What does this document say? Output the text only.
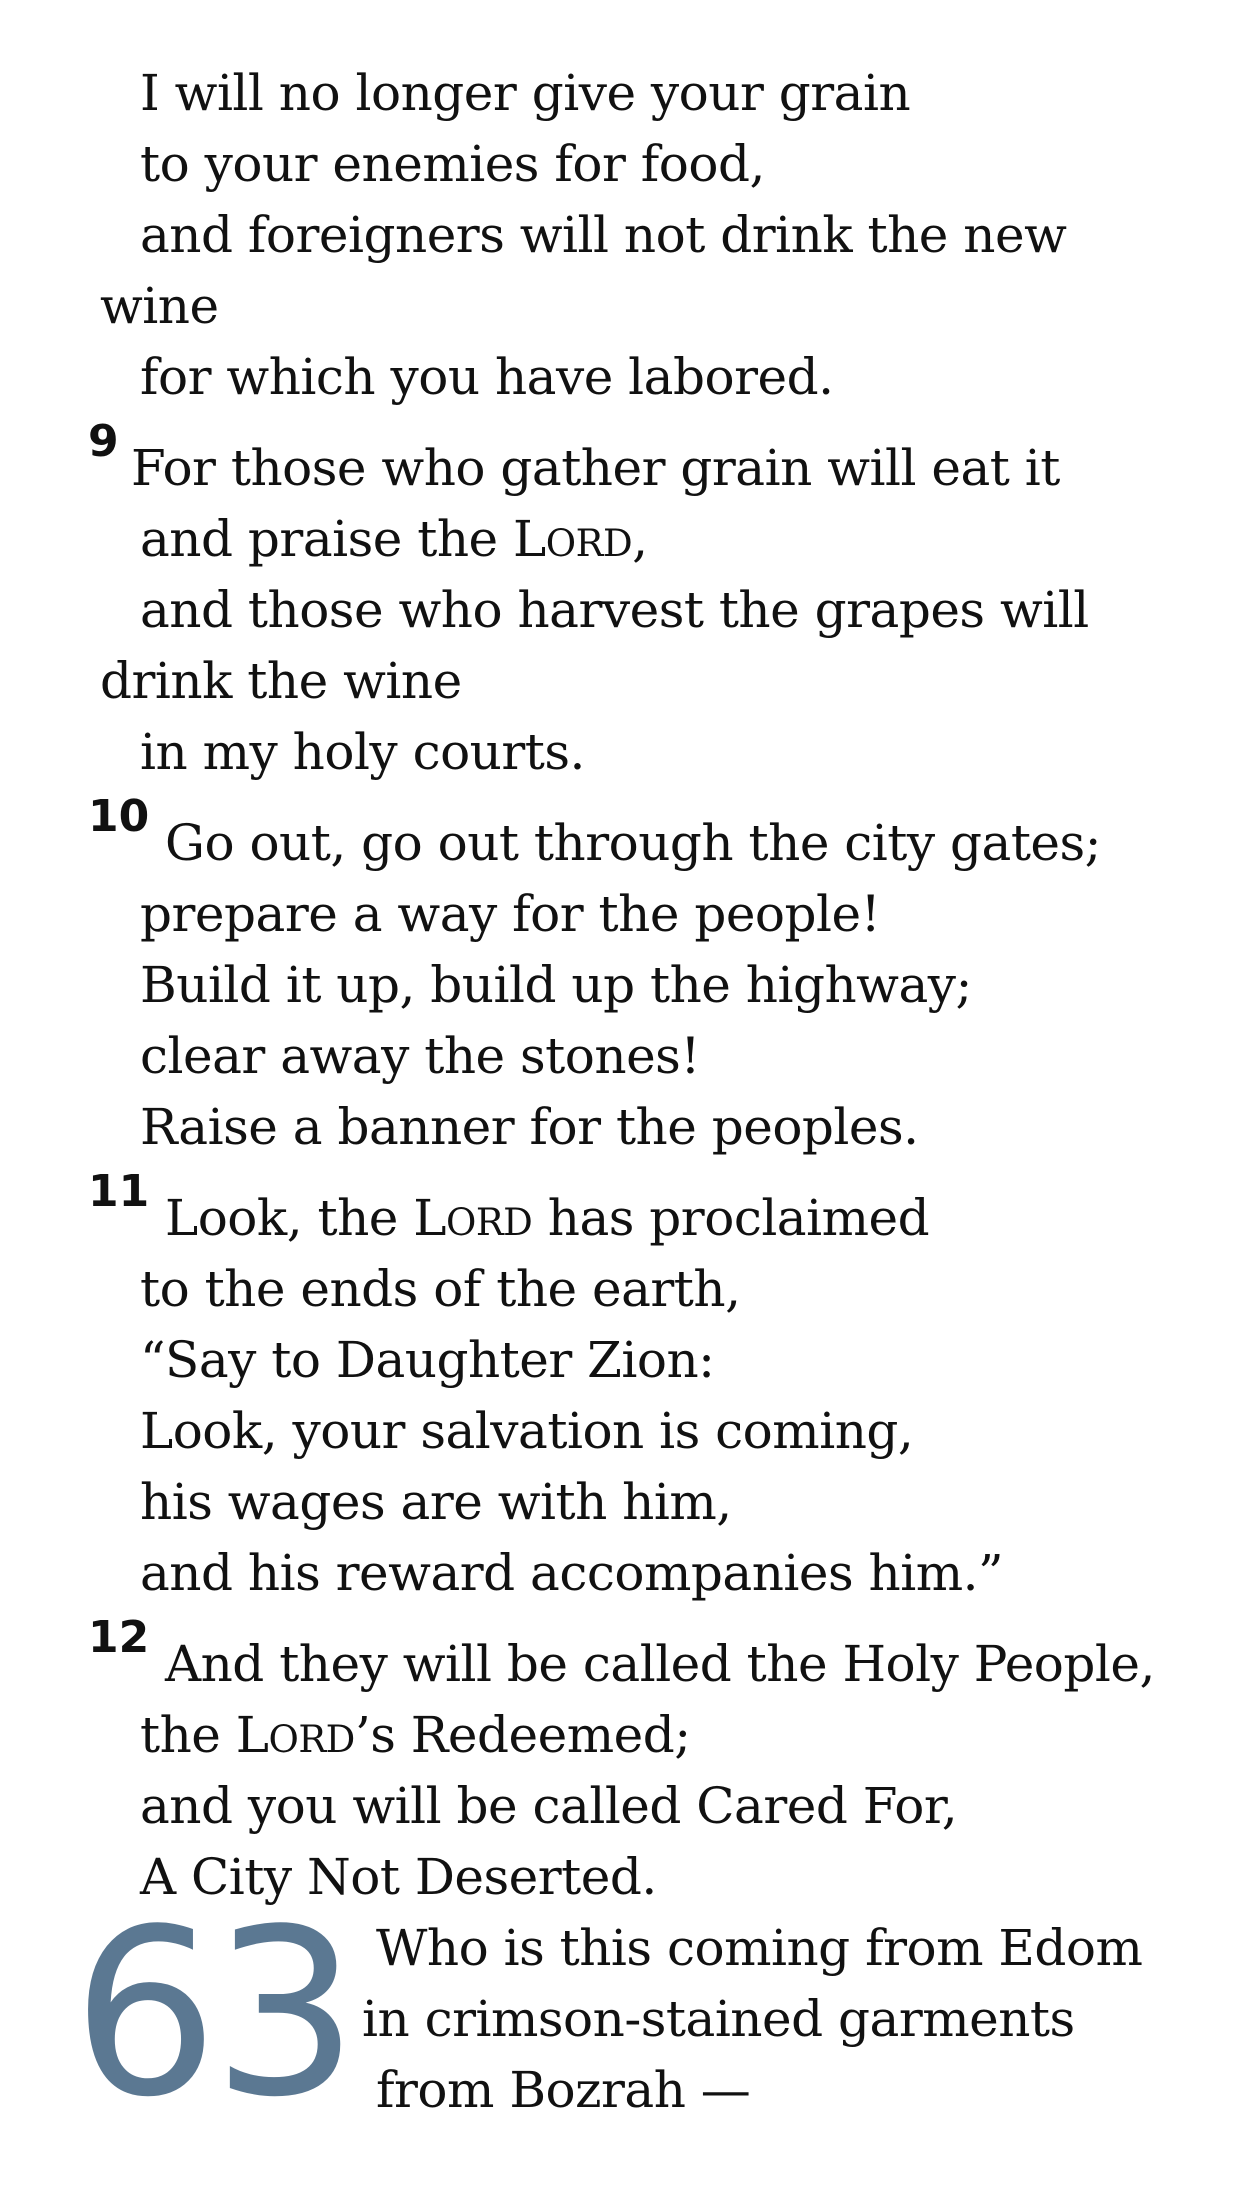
I will no longer give your grain
to your enemies for food,
and foreigners will not drink the new
wine
for which you have labored.
9 For those who gather grain will eat it
and praise the LORD,
and those who harvest the grapes will
drink the wine
in my holy courts.
10 Go out, go out through the city gates;
prepare a way for the people!
Build it up, build up the highway;
clear away the stones!
Raise a banner for the peoples.
11 Look, the LORD has proclaimed
to the ends of the earth,
“Say to Daughter Zion:
Look, your salvation is coming,
his wages are with him,
and his reward accompanies him.”
12 And they will be called the Holy People,
the LORD’s Redeemed;
and you will be called Cared For,
A City Not Deserted.
63 Who is this coming from Edom
in crimson-stained garments
from Bozrah —
